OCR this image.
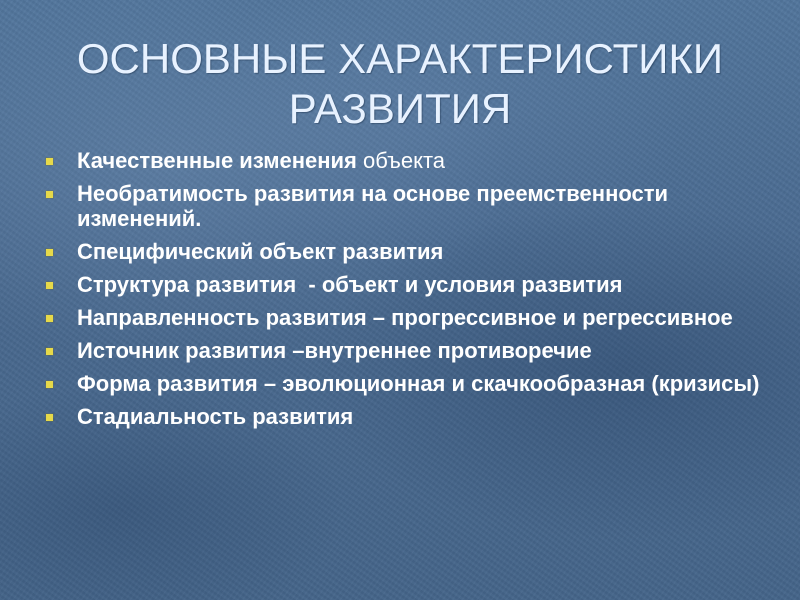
ОСНОВНЫЕ ХАРАКТЕРИСТИКИ РАЗВИТИЯ
Качественные изменения объекта
Необратимость развития на основе преемственности изменений.
Специфический объект развития
Структура развития  - объект и условия развития
Направленность развития – прогрессивное и регрессивное
Источник развития –внутреннее противоречие
Форма развития – эволюционная и скачкообразная (кризисы)
Стадиальность развития
